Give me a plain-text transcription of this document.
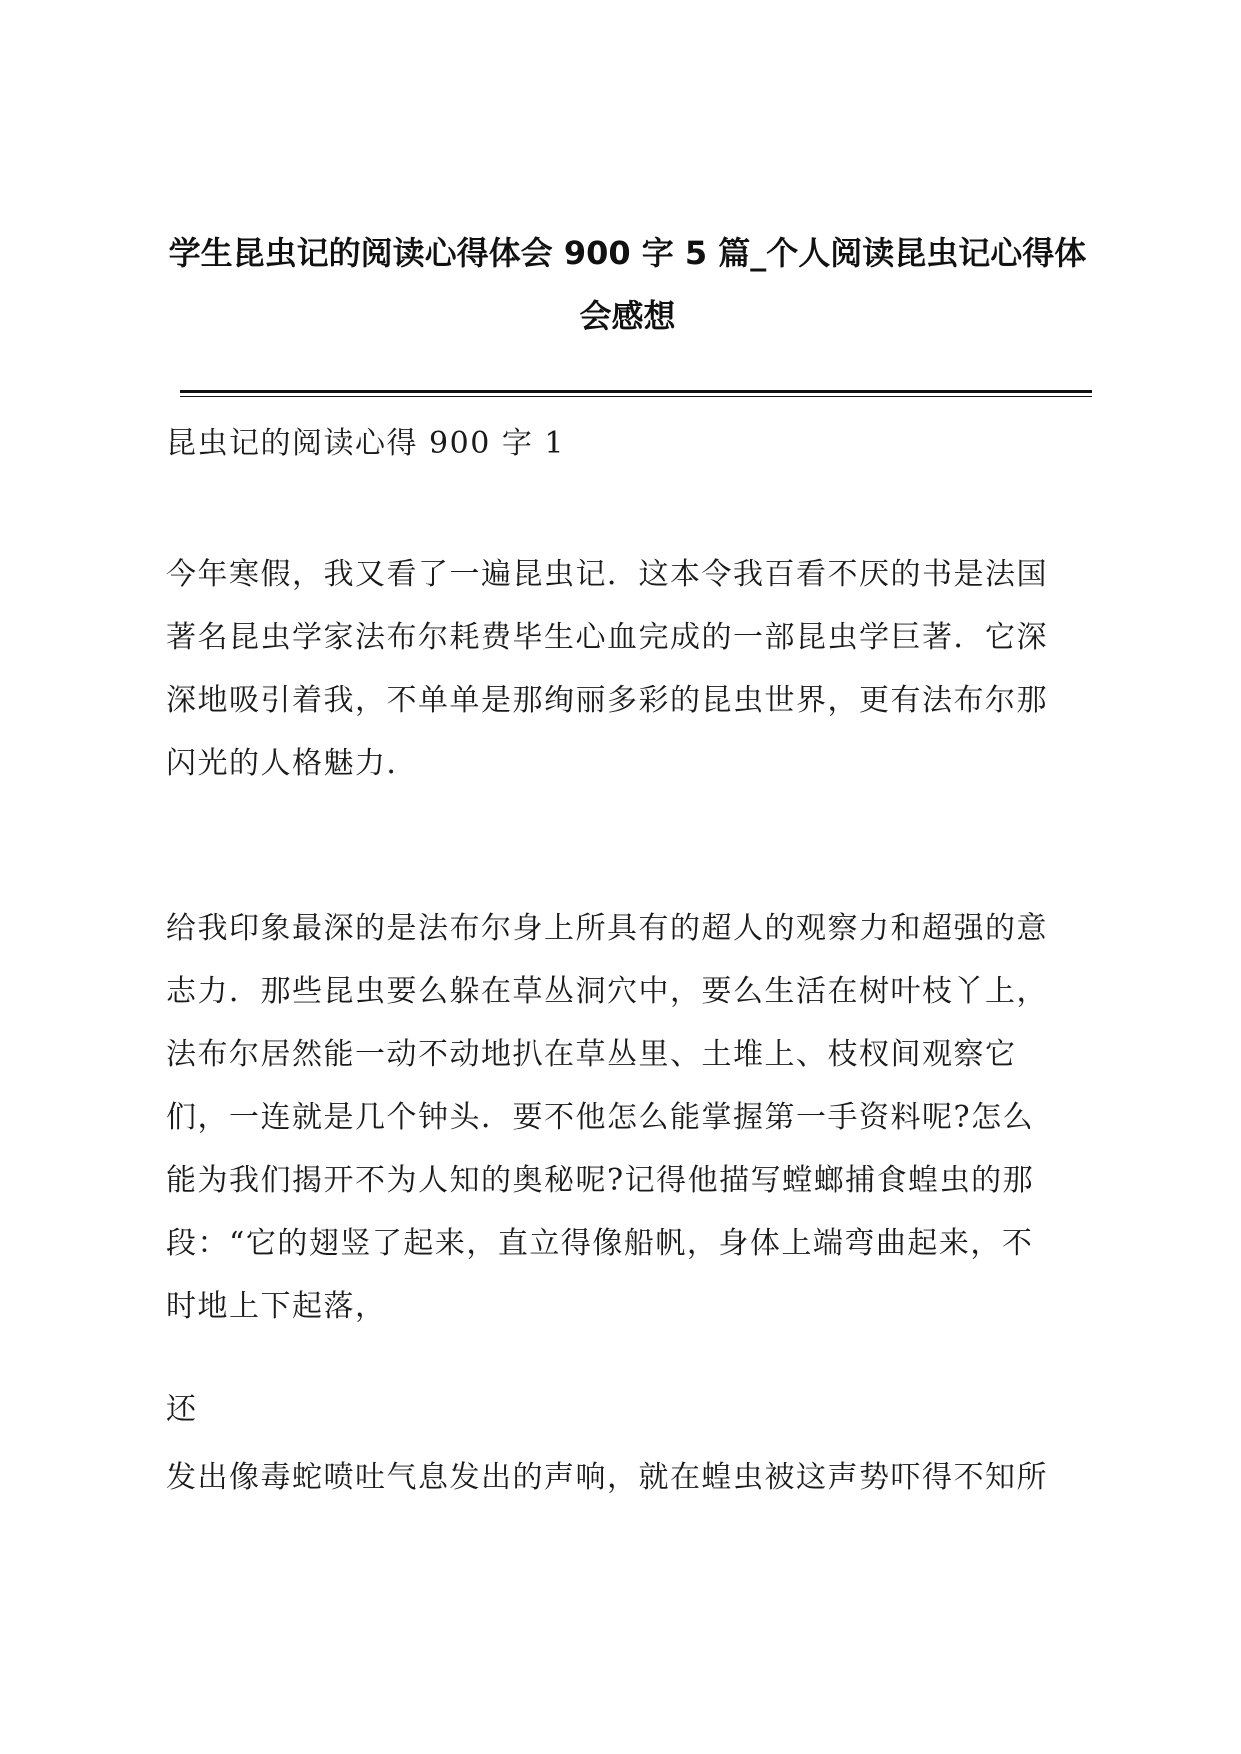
学生昆虫记的阅读心得体会 900 字 5 篇_个人阅读昆虫记心得体
会感想
昆虫记的阅读心得 900 字 1
今年寒假，我又看了一遍昆虫记．这本令我百看不厌的书是法国
著名昆虫学家法布尔耗费毕生心血完成的一部昆虫学巨著．它深
深地吸引着我，不单单是那绚丽多彩的昆虫世界，更有法布尔那
闪光的人格魅力．
给我印象最深的是法布尔身上所具有的超人的观察力和超强的意
志力．那些昆虫要么躲在草丛洞穴中，要么生活在树叶枝丫上，
法布尔居然能一动不动地扒在草丛里、土堆上、枝杈间观察它
们，一连就是几个钟头．要不他怎么能掌握第一手资料呢?怎么
能为我们揭开不为人知的奥秘呢?记得他描写螳螂捕食蝗虫的那
段：“它的翅竖了起来，直立得像船帆，身体上端弯曲起来，不
时地上下起落，
还
发出像毒蛇喷吐气息发出的声响，就在蝗虫被这声势吓得不知所
